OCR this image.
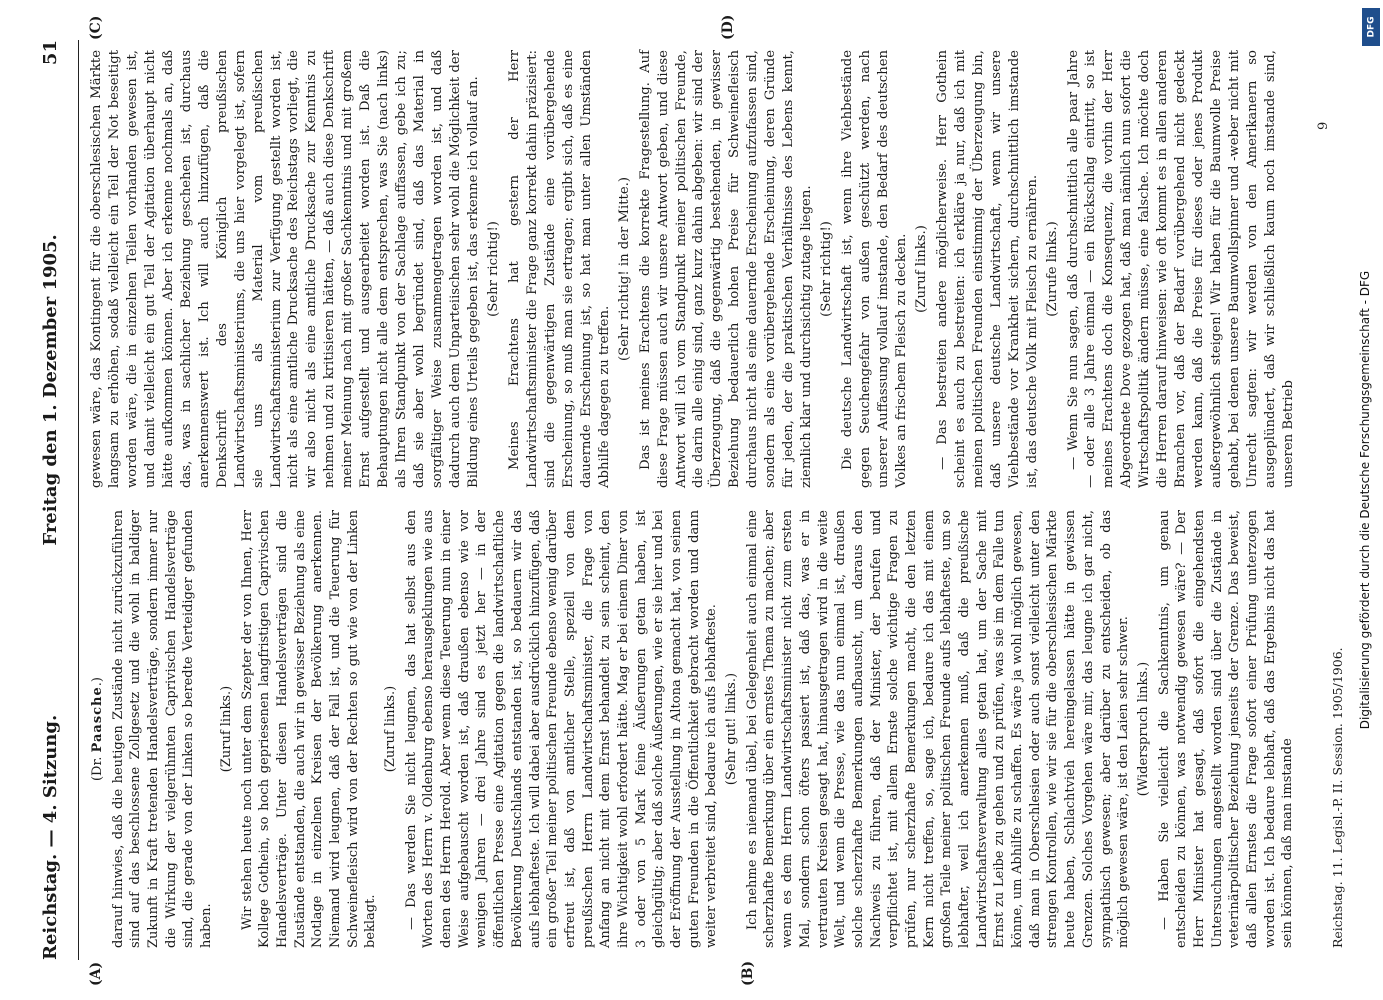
Reichstag. — 4. Sitzung.
Freitag den 1. Dezember 1905.
51
(A)	(B)
(C)	(D)

(Dr. Paasche.) darauf hinwies, daß die heutigen Zustände nicht zurückzuführen sind auf das beschlossene Zollgesetz und die wohl in baldiger Zukunft in Kraft tretenden Handelsverträge, sondern immer nur die Wirkung der vielgerühmten Caprivischen Handelsverträge sind, die gerade von der Linken so beredte Verteidiger gefunden haben.

(Zuruf links.) Wir stehen heute noch unter dem Szepter der von Ihnen, Herr Kollege Gothein, so hoch gepriesenen langfristigen Caprivischen Handelsverträge. Unter diesen Handelsverträgen sind die Zustände entstanden, die auch wir in gewisser Beziehung als eine Notlage in einzelnen Kreisen der Bevölkerung anerkennen. Niemand wird leugnen, daß der Fall ist, und die Teuerung für Schweinefleisch wird von der Rechten so gut wie von der Linken beklagt.

(Zuruf links.) — Das werden Sie nicht leugnen, das hat selbst aus den Worten des Herrn v. Oldenburg ebenso herausgeklungen wie aus denen des Herrn Herold. Aber wenn diese Teuerung nun in einer Weise aufgebauscht worden ist, daß draußen ebenso wie vor wenigen Jahren — drei Jahre sind es jetzt her — in der öffentlichen Presse eine Agitation gegen die landwirtschaftliche Bevölkerung Deutschlands entstanden ist, so bedauern wir das aufs lebhafteste. Ich will dabei aber ausdrücklich hinzufügen, daß ein großer Teil meiner politischen Freunde ebenso wenig darüber erfreut ist, daß von amtlicher Stelle, speziell von dem preußischen Herrn Landwirtschaftsminister, die Frage von Anfang an nicht mit dem Ernst behandelt zu sein scheint, den ihre Wichtigkeit wohl erfordert hätte. Mag er bei einem Diner von 3 oder von 5 Mark feine Äußerungen getan haben, ist gleichgültig; aber daß solche Äußerungen, wie er sie hier und bei der Eröffnung der Ausstellung in Altona gemacht hat, von seinen guten Freunden in die Öffentlichkeit gebracht worden und dann weiter verbreitet sind, bedaure ich aufs lebhafteste. (Sehr gut! links.) Ich nehme es niemand übel, bei Gelegenheit auch einmal eine scherzhafte Bemerkung über ein ernstes Thema zu machen; aber wenn es dem Herrn Landwirtschaftsminister nicht zum ersten Mal, sondern schon öfters passiert ist, daß das, was er in vertrauten Kreisen gesagt hat, hinausgetragen wird in die weite Welt, und wenn die Presse, wie das nun einmal ist, draußen solche scherzhafte Bemerkungen aufbauscht, um daraus den Nachweis zu führen, daß der Minister, der berufen und verpflichtet ist, mit allem Ernste solche wichtige Fragen zu prüfen, nur scherzhafte Bemerkungen macht, die den letzten Kern nicht treffen, so, sage ich, bedaure ich das mit einem großen Teile meiner politischen Freunde aufs lebhafteste, um so lebhafter, weil ich anerkennen muß, daß die preußische Landwirtschaftsverwaltung alles getan hat, um der Sache mit Ernst zu Leibe zu gehen und zu prüfen, was sie im dem Falle tun könne, um Abhilfe zu schaffen. Es wäre ja wohl möglich gewesen, daß man in Oberschlesien oder auch sonst vielleicht unter den strengen Kontrollen, wie wir sie für die oberschlesischen Märkte heute haben, Schlachtvieh hereingelassen hätte in gewissen Grenzen. Solches Vorgehen wäre mir, das leugne ich gar nicht, sympathisch gewesen; aber darüber zu entscheiden, ob das möglich gewesen wäre, ist den Laien sehr schwer. (Widerspruch links.) — Haben Sie vielleicht die Sachkenntnis, um genau entscheiden zu können, was notwendig gewesen wäre? — Der Herr Minister hat gesagt, daß sofort die eingehendsten Untersuchungen angestellt worden sind über die Zustände in veterinärpolitischer Beziehung jenseits der Grenze. Das beweist, daß allen Ernstes die Frage sofort einer Prüfung unterzogen worden ist. Ich bedaure lebhaft, daß das Ergebnis nicht das hat sein können, daß man imstande

gewesen wäre, das Kontingent für die oberschlesischen Märkte langsam zu erhöhen, sodaß vielleicht ein Teil der Not beseitigt worden wäre, die in einzelnen Teilen vorhanden gewesen ist, und damit vielleicht ein gut Teil der Agitation überhaupt nicht hätte aufkommen können. Aber ich erkenne nochmals an, daß das, was in sachlicher Beziehung geschehen ist, durchaus anerkennenswert ist. Ich will auch hinzufügen, daß die Denkschrift des Königlich preußischen Landwirtschaftsministeriums, die uns hier vorgelegt ist, sofern sie uns als Material vom preußischen Landwirtschaftsministerium zur Verfügung gestellt worden ist, nicht als eine amtliche Drucksache des Reichstags vorliegt, die wir also nicht als eine amtliche Drucksache zur Kenntnis zu nehmen und zu kritisieren hätten, — daß auch diese Denkschrift meiner Meinung nach mit großer Sachkenntnis und mit großem Ernst aufgestellt und ausgearbeitet worden ist. Daß die Behauptungen nicht alle dem entsprechen, was Sie (nach links) als Ihren Standpunkt von der Sachlage auffassen, gebe ich zu; daß sie aber wohl begründet sind, daß das Material in sorgfältiger Weise zusammengetragen worden ist, und daß dadurch auch dem Unparteiischen sehr wohl die Möglichkeit der Bildung eines Urteils gegeben ist, das erkenne ich vollauf an. (Sehr richtig!) Meines Erachtens hat gestern der Herr Landwirtschaftsminister die Frage ganz korrekt dahin präzisiert: sind die gegenwärtigen Zustände eine vorübergehende Erscheinung, so muß man sie ertragen; ergibt sich, daß es eine dauernde Erscheinung ist, so hat man unter allen Umständen Abhilfe dagegen zu treffen.

(Sehr richtig! in der Mitte.) Das ist meines Erachtens die korrekte Fragestellung. Auf diese Frage müssen auch wir unsere Antwort geben, und diese Antwort will ich vom Standpunkt meiner politischen Freunde, die darin alle einig sind, ganz kurz dahin abgeben: wir sind der Überzeugung, daß die gegenwärtig bestehenden, in gewisser Beziehung bedauerlich hohen Preise für Schweinefleisch durchaus nicht als eine dauernde Erscheinung aufzufassen sind, sondern als eine vorübergehende Erscheinung, deren Gründe für jeden, der die praktischen Verhältnisse des Lebens kennt, ziemlich klar und durchsichtig zutage liegen. (Sehr richtig!) Die deutsche Landwirtschaft ist, wenn ihre Viehbestände gegen Seuchengefahr von außen geschützt werden, nach unserer Auffassung vollauf imstande, den Bedarf des deutschen Volkes an frischem Fleisch zu decken. (Zuruf links.) — Das bestreiten andere möglicherweise. Herr Gothein scheint es auch zu bestreiten: ich erkläre ja nur, daß ich mit meinen politischen Freunden einstimmig der Überzeugung bin, daß unsere deutsche Landwirtschaft, wenn wir unsere Viehbestände vor Krankheit sichern, durchschnittlich imstande ist, das deutsche Volk mit Fleisch zu ernähren. (Zurufe links.) — Wenn Sie nun sagen, daß durchschnittlich alle paar Jahre — oder alle 3 Jahre einmal — ein Rückschlag eintritt, so ist meines Erachtens doch die Konsequenz, die vorhin der Herr Abgeordnete Dove gezogen hat, daß man nämlich nun sofort die Wirtschaftspolitik ändern müsse, eine falsche. Ich möchte doch die Herren darauf hinweisen: wie oft kommt es in allen anderen Branchen vor, daß der Bedarf vorübergehend nicht gedeckt werden kann, daß die Preise für dieses oder jenes Produkt außergewöhnlich steigen! Wir haben für die Baumwolle Preise gehabt, bei denen unsere Baumwollspinner und -weber nicht mit Unrecht sagten: wir werden von den Amerikanern so ausgeplündert, daß wir schließlich kaum noch imstande sind, unseren Betrieb

Reichstag. 11. Legisl.-P. II. Session. 1905/1906.
9
Digitalisierung gefördert durch die Deutsche Forschungsgemeinschaft - DFG
DFG
